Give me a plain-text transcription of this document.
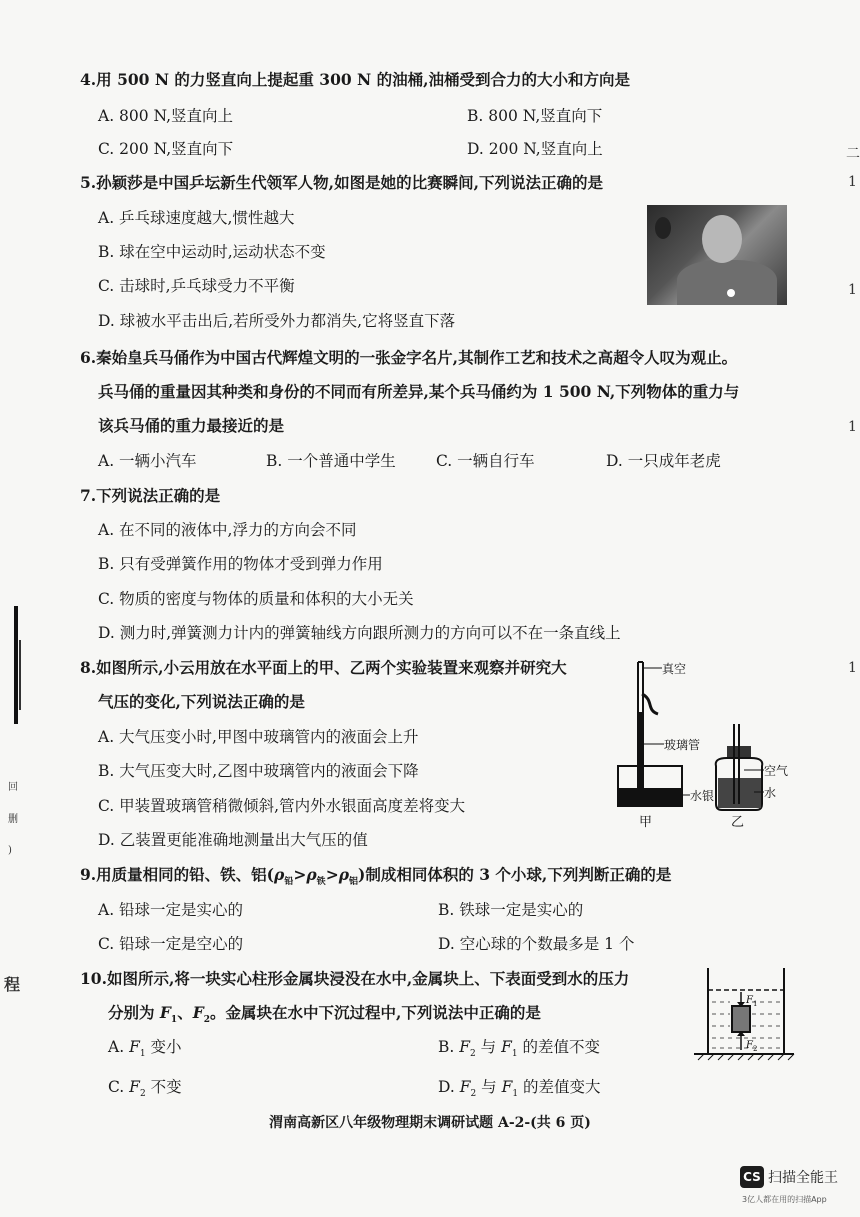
4.用 500 N 的力竖直向上提起重 300 N 的油桶,油桶受到合力的大小和方向是
A. 800 N,竖直向上	B. 800 N,竖直向下
C. 200 N,竖直向下	D. 200 N,竖直向上
5.孙颖莎是中国乒坛新生代领军人物,如图是她的比赛瞬间,下列说法正确的是
A. 乒乓球速度越大,惯性越大
B. 球在空中运动时,运动状态不变
C. 击球时,乒乓球受力不平衡
D. 球被水平击出后,若所受外力都消失,它将竖直下落
6.秦始皇兵马俑作为中国古代辉煌文明的一张金字名片,其制作工艺和技术之高超令人叹为观止。
兵马俑的重量因其种类和身份的不同而有所差异,某个兵马俑约为 1 500 N,下列物体的重力与
该兵马俑的重力最接近的是
A. 一辆小汽车	B. 一个普通中学生	C. 一辆自行车	D. 一只成年老虎
7.下列说法正确的是
A. 在不同的液体中,浮力的方向会不同
B. 只有受弹簧作用的物体才受到弹力作用
C. 物质的密度与物体的质量和体积的大小无关
D. 测力时,弹簧测力计内的弹簧轴线方向跟所测力的方向可以不在一条直线上
8.如图所示,小云用放在水平面上的甲、乙两个实验装置来观察并研究大
气压的变化,下列说法正确的是
A. 大气压变小时,甲图中玻璃管内的液面会上升
B. 大气压变大时,乙图中玻璃管内的液面会下降
C. 甲装置玻璃管稍微倾斜,管内外水银面高度差将变大
D. 乙装置更能准确地测量出大气压的值
真空
玻璃管
水银
甲
空气
水
乙
9.用质量相同的铅、铁、铝$(\rho_铅>\rho_铁>\rho_铝)$制成相同体积的 3 个小球,下列判断正确的是
A. 铅球一定是实心的	B. 铁球一定是实心的
C. 铅球一定是空心的	D. 空心球的个数最多是 1 个
10.如图所示,将一块实心柱形金属块浸没在水中,金属块上、下表面受到水的压力
分别为 $F_1$、$F_2$。金属块在水中下沉过程中,下列说法中正确的是
A. $F_1$ 变小	B. $F_2$ 与 $F_1$ 的差值不变
C. $F_2$ 不变	D. $F_2$ 与 $F_1$ 的差值变大
F 1
F 2
渭南高新区八年级物理期末调研试题 A-2-(共 6 页)
程
回
删
)
二
1
1
1
1
CS 扫描全能王
3亿人都在用的扫描App
